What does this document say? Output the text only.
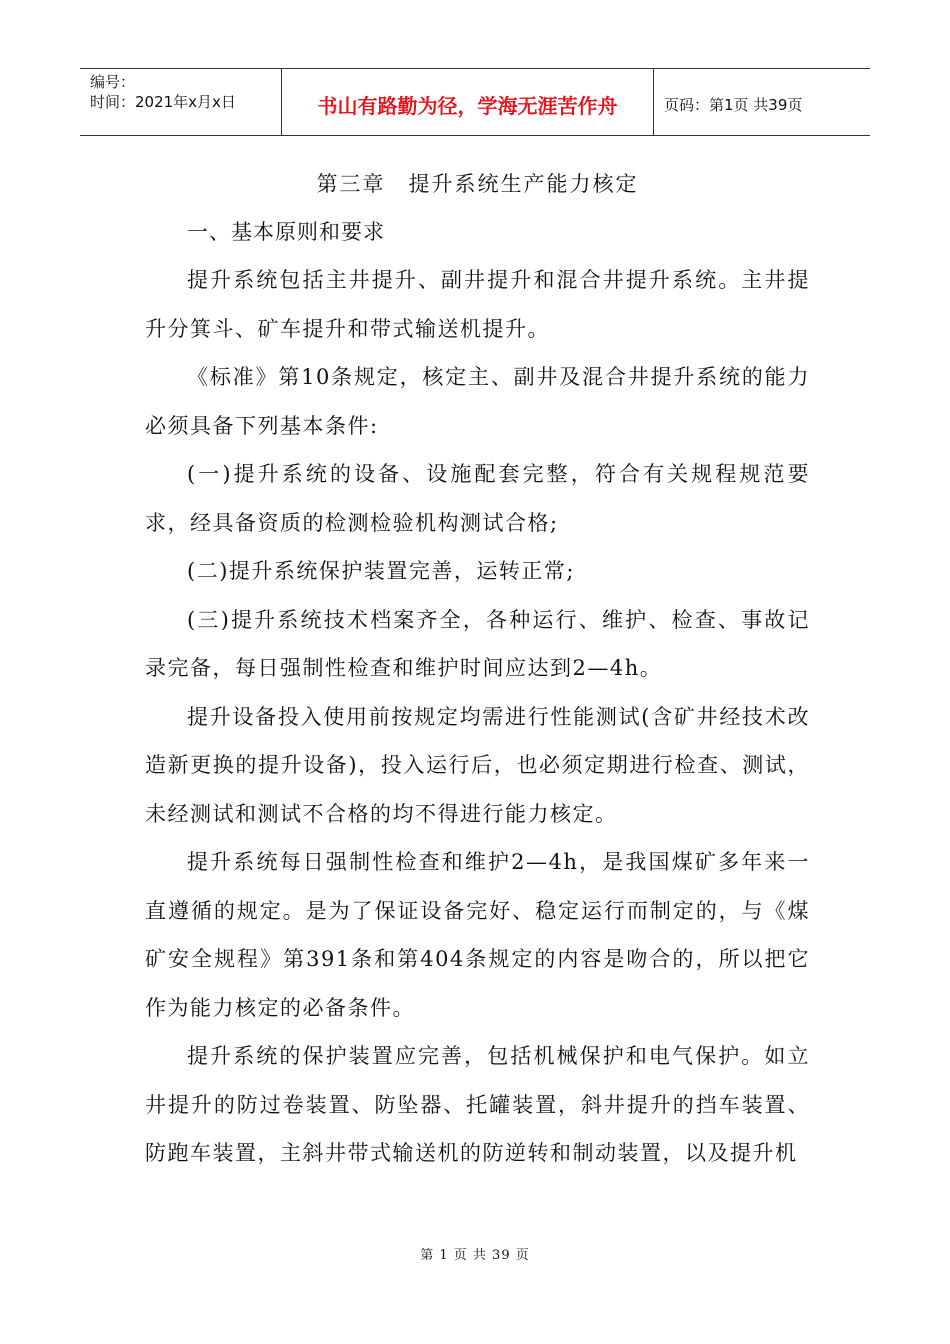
编号：
时间：2021年x月x日	书山有路勤为径，学海无涯苦作舟	页码：第1页 共39页
第三章　提升系统生产能力核定

一、基本原则和要求

提升系统包括主井提升、副井提升和混合井提升系统。主井提升分箕斗、矿车提升和带式输送机提升。

《标准》第10条规定，核定主、副井及混合井提升系统的能力必须具备下列基本条件:

(一)提升系统的设备、设施配套完整，符合有关规程规范要求，经具备资质的检测检验机构测试合格;

(二)提升系统保护装置完善，运转正常;

(三)提升系统技术档案齐全，各种运行、维护、检查、事故记录完备，每日强制性检查和维护时间应达到2—4h。

提升设备投入使用前按规定均需进行性能测试(含矿井经技术改造新更换的提升设备)，投入运行后，也必须定期进行检查、测试，未经测试和测试不合格的均不得进行能力核定。

提升系统每日强制性检查和维护2—4h，是我国煤矿多年来一直遵循的规定。是为了保证设备完好、稳定运行而制定的，与《煤矿安全规程》第391条和第404条规定的内容是吻合的，所以把它作为能力核定的必备条件。

提升系统的保护装置应完善，包括机械保护和电气保护。如立井提升的防过卷装置、防坠器、托罐装置，斜井提升的挡车装置、防跑车装置，主斜井带式输送机的防逆转和制动装置，以及提升机

第 1 页 共 39 页
